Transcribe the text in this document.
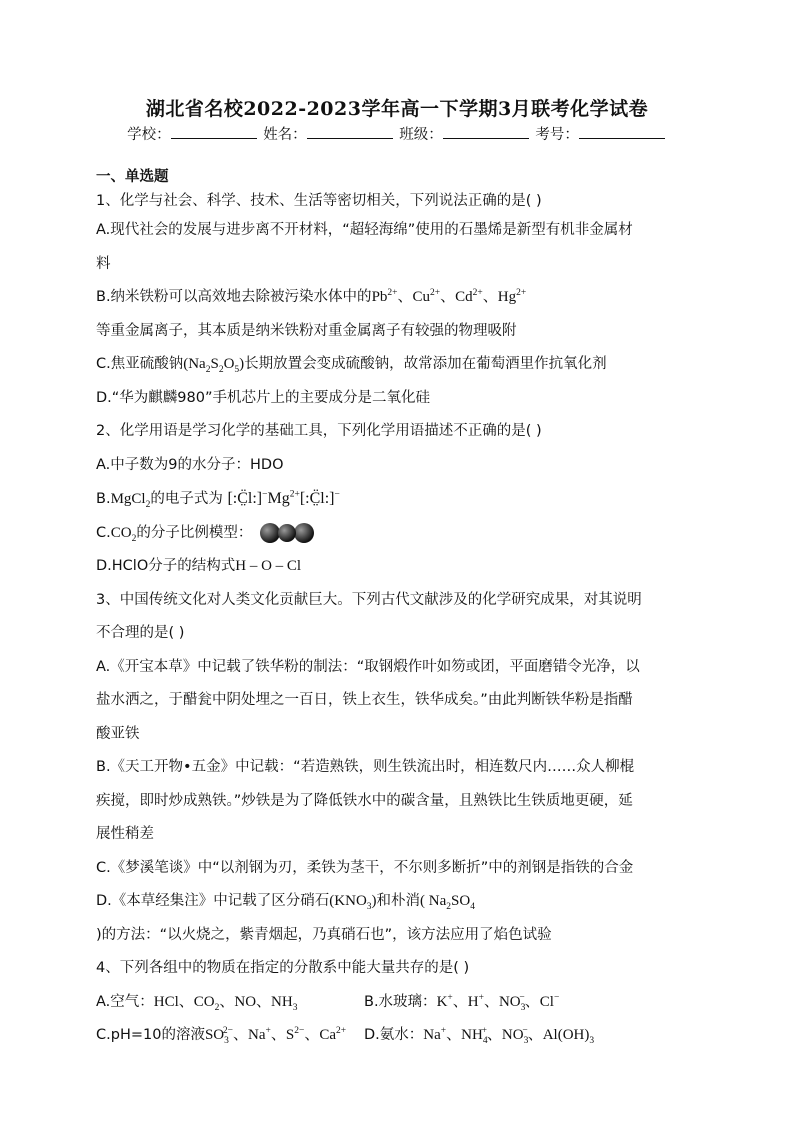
湖北省名校2022-2023学年高一下学期3月联考化学试卷
学校：	姓名：	班级：	考号：
一、单选题
1、化学与社会、科学、技术、生活等密切相关，下列说法正确的是( )
A.现代社会的发展与进步离不开材料，“超轻海绵”使用的石墨烯是新型有机非金属材
料
B.纳米铁粉可以高效地去除被污染水体中的$Pb^{2+}$、$Cu^{2+}$、$Cd^{2+}$、$Hg^{2+}$
等重金属离子，其本质是纳米铁粉对重金属离子有较强的物理吸附
C.焦亚硫酸钠$(Na_2S_2O_5)$长期放置会变成硫酸钠，故常添加在葡萄酒里作抗氧化剂
D.“华为麒麟980”手机芯片上的主要成分是二氧化硅
2、化学用语是学习化学的基础工具，下列化学用语描述不正确的是( )
A.中子数为9的水分子：HDO
B.MgCl$_2$的电子式为 $[:C̤̈l:]^-Mg^{2+}[:C̤̈l:]^-$
$C.CO_2$的分子比例模型：
D.HClO分子的结构式H – O – Cl
3、中国传统文化对人类文化贡献巨大。下列古代文献涉及的化学研究成果，对其说明
不合理的是( )
A.《开宝本草》中记载了铁华粉的制法：“取钢煅作叶如笏或团，平面磨错令光净，以
盐水洒之，于醋瓮中阴处埋之一百日，铁上衣生，铁华成矣。”由此判断铁华粉是指醋
酸亚铁
B.《天工开物•五金》中记载：“若造熟铁，则生铁流出时，相连数尺内……众人柳棍
疾搅，即时炒成熟铁。”炒铁是为了降低铁水中的碳含量，且熟铁比生铁质地更硬，延
展性稍差
C.《梦溪笔谈》中“以剂钢为刃，柔铁为茎干，不尔则多断折”中的剂钢是指铁的合金
D.《本草经集注》中记载了区分硝石$(KNO_3)$和朴消( $Na_2SO_4$
)的方法：“以火烧之，紫青烟起，乃真硝石也”，该方法应用了焰色试验
4、下列各组中的物质在指定的分散系中能大量共存的是( )
A.空气：HCl、$CO_2$、NO、$NH_3$	B.水玻璃：K+、H+、$NO_3^-$、Cl−
C.pH=10的溶液$SO_3^{2-}$、Na+、$S^{2-}$、$Ca^{2+}$ D.氨水：Na+、$NH_4^+$、$NO_3^-$、$Al(OH)_3$
